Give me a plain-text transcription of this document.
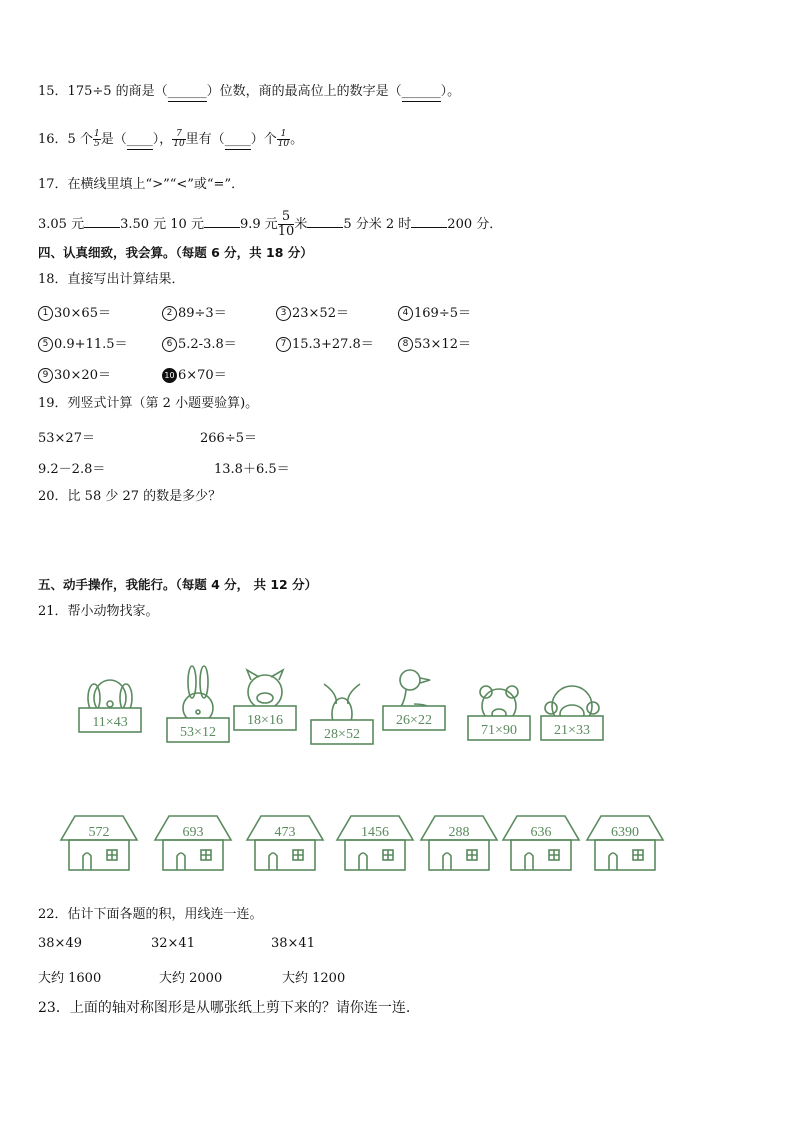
15．175÷5 的商是（______）位数，商的最高位上的数字是（______）。
16．5 个 $\frac{1}{5}$ 是（____）， $\frac{7}{10}$ 里有（____）个 $\frac{1}{10}$ 。
17．在横线里填上“>”“<”或“=”．
3.05 元	3.50 元 10 元	9.9 元 $\frac{5}{10}$米	5 分米 2 时	200 分．
四、认真细致，我会算。（每题 6 分，共 18 分）
18．直接写出计算结果．
1 30×65＝	2 89÷3＝	3 23×52＝	4 169÷5＝
5 0.9+11.5＝	6 5.2-3.8＝	7 15.3+27.8＝	8 53×12＝
9 30×20＝	10 6×70＝
19．列竖式计算（第 2 小题要验算)。
53×27＝	266÷5＝
9.2－2.8＝	13.8＋6.5＝
20．比 58 少 27 的数是多少？
五、动手操作，我能行。（每题 4 分， 共 12 分）
21．帮小动物找家。
11×43
53×12
18×16
28×52
26×22
71×90	21×33
572	693	473	1456	288	636	6390
22．估计下面各题的积，用线连一连。
38×49	32×41	38×41
大约 1600	大约 2000	大约 1200
23．上面的轴对称图形是从哪张纸上剪下来的？请你连一连.
